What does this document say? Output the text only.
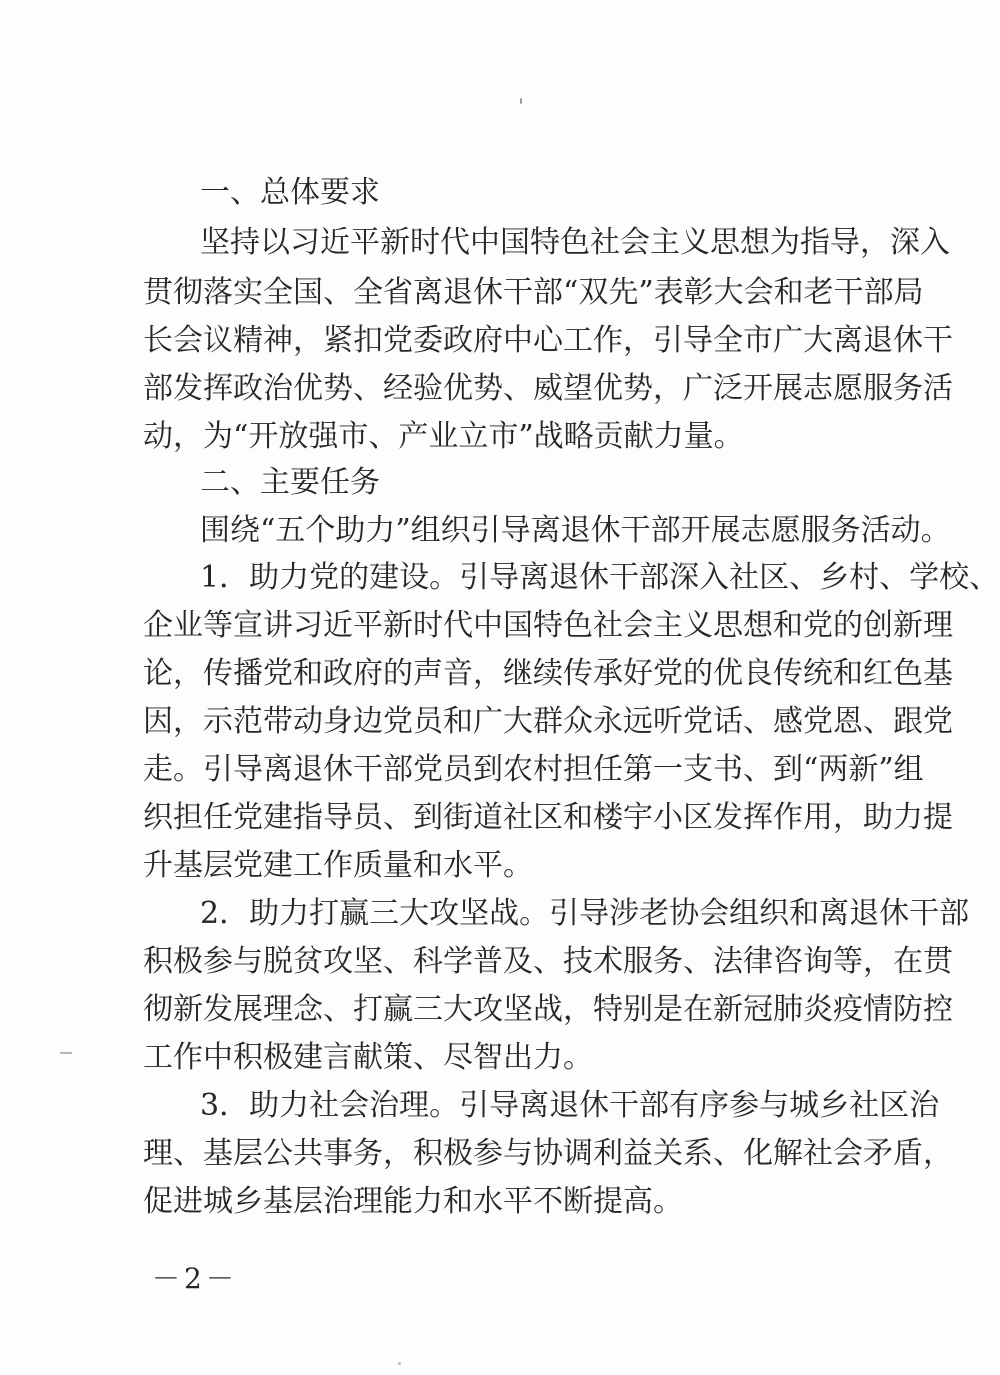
一、总体要求
坚持以习近平新时代中国特色社会主义思想为指导，深入
贯彻落实全国、全省离退休干部“双先”表彰大会和老干部局
长会议精神，紧扣党委政府中心工作，引导全市广大离退休干
部发挥政治优势、经验优势、威望优势，广泛开展志愿服务活
动，为“开放强市、产业立市”战略贡献力量。
二、主要任务
围绕“五个助力”组织引导离退休干部开展志愿服务活动。
1．助力党的建设。引导离退休干部深入社区、乡村、学校、
企业等宣讲习近平新时代中国特色社会主义思想和党的创新理
论，传播党和政府的声音，继续传承好党的优良传统和红色基
因，示范带动身边党员和广大群众永远听党话、感党恩、跟党
走。引导离退休干部党员到农村担任第一支书、到“两新”组
织担任党建指导员、到街道社区和楼宇小区发挥作用，助力提
升基层党建工作质量和水平。
2．助力打赢三大攻坚战。引导涉老协会组织和离退休干部
积极参与脱贫攻坚、科学普及、技术服务、法律咨询等，在贯
彻新发展理念、打赢三大攻坚战，特别是在新冠肺炎疫情防控
工作中积极建言献策、尽智出力。
3．助力社会治理。引导离退休干部有序参与城乡社区治
理、基层公共事务，积极参与协调利益关系、化解社会矛盾，
促进城乡基层治理能力和水平不断提高。
－2－
